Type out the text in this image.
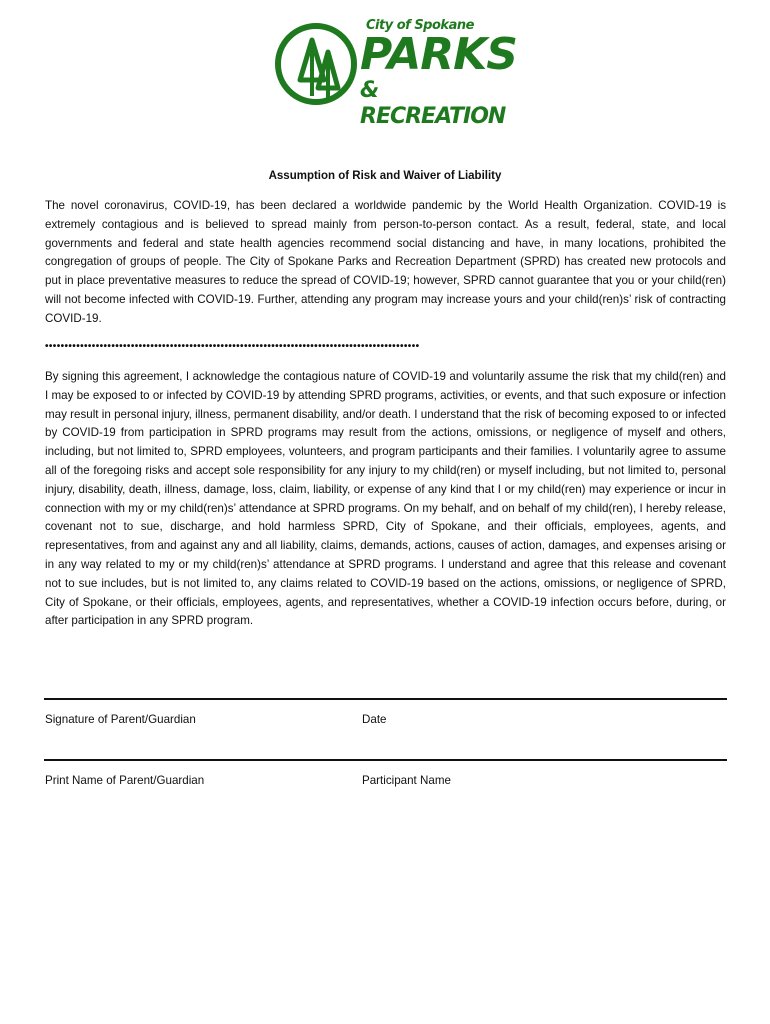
City of Spokane
PARKS
& RECREATION
Assumption of Risk and Waiver of Liability

The novel coronavirus, COVID-19, has been declared a worldwide pandemic by the World Health Organization. COVID-19 is extremely contagious and is believed to spread mainly from person-to-person contact. As a result, federal, state, and local governments and federal and state health agencies recommend social distancing and have, in many locations, prohibited the congregation of groups of people. The City of Spokane Parks and Recreation Department (SPRD) has created new protocols and put in place preventative measures to reduce the spread of COVID-19; however, SPRD cannot guarantee that you or your child(ren) will not become infected with COVID-19. Further, attending any program may increase yours and your child(ren)s’ risk of contracting COVID-19.

••••••••••••••••••••••••••••••••••••••••••••••••••••••••••••••••••••••••••••••••••••••••••••••••

By signing this agreement, I acknowledge the contagious nature of COVID-19 and voluntarily assume the risk that my child(ren) and I may be exposed to or infected by COVID-19 by attending SPRD programs, activities, or events, and that such exposure or infection may result in personal injury, illness, permanent disability, and/or death. I understand that the risk of becoming exposed to or infected by COVID-19 from participation in SPRD programs may result from the actions, omissions, or negligence of myself and others, including, but not limited to, SPRD employees, volunteers, and program participants and their families. I voluntarily agree to assume all of the foregoing risks and accept sole responsibility for any injury to my child(ren) or myself including, but not limited to, personal injury, disability, death, illness, damage, loss, claim, liability, or expense of any kind that I or my child(ren) may experience or incur in connection with my or my child(ren)s’ attendance at SPRD programs. On my behalf, and on behalf of my child(ren), I hereby release, covenant not to sue, discharge, and hold harmless SPRD, City of Spokane, and their officials, employees, agents, and representatives, from and against any and all liability, claims, demands, actions, causes of action, damages, and expenses arising or in any way related to my or my child(ren)s’ attendance at SPRD programs. I understand and agree that this release and covenant not to sue includes, but is not limited to, any claims related to COVID-19 based on the actions, omissions, or negligence of SPRD, City of Spokane, or their officials, employees, agents, and representatives, whether a COVID-19 infection occurs before, during, or after participation in any SPRD program.

Signature of Parent/Guardian	Date
Print Name of Parent/Guardian	Participant Name
